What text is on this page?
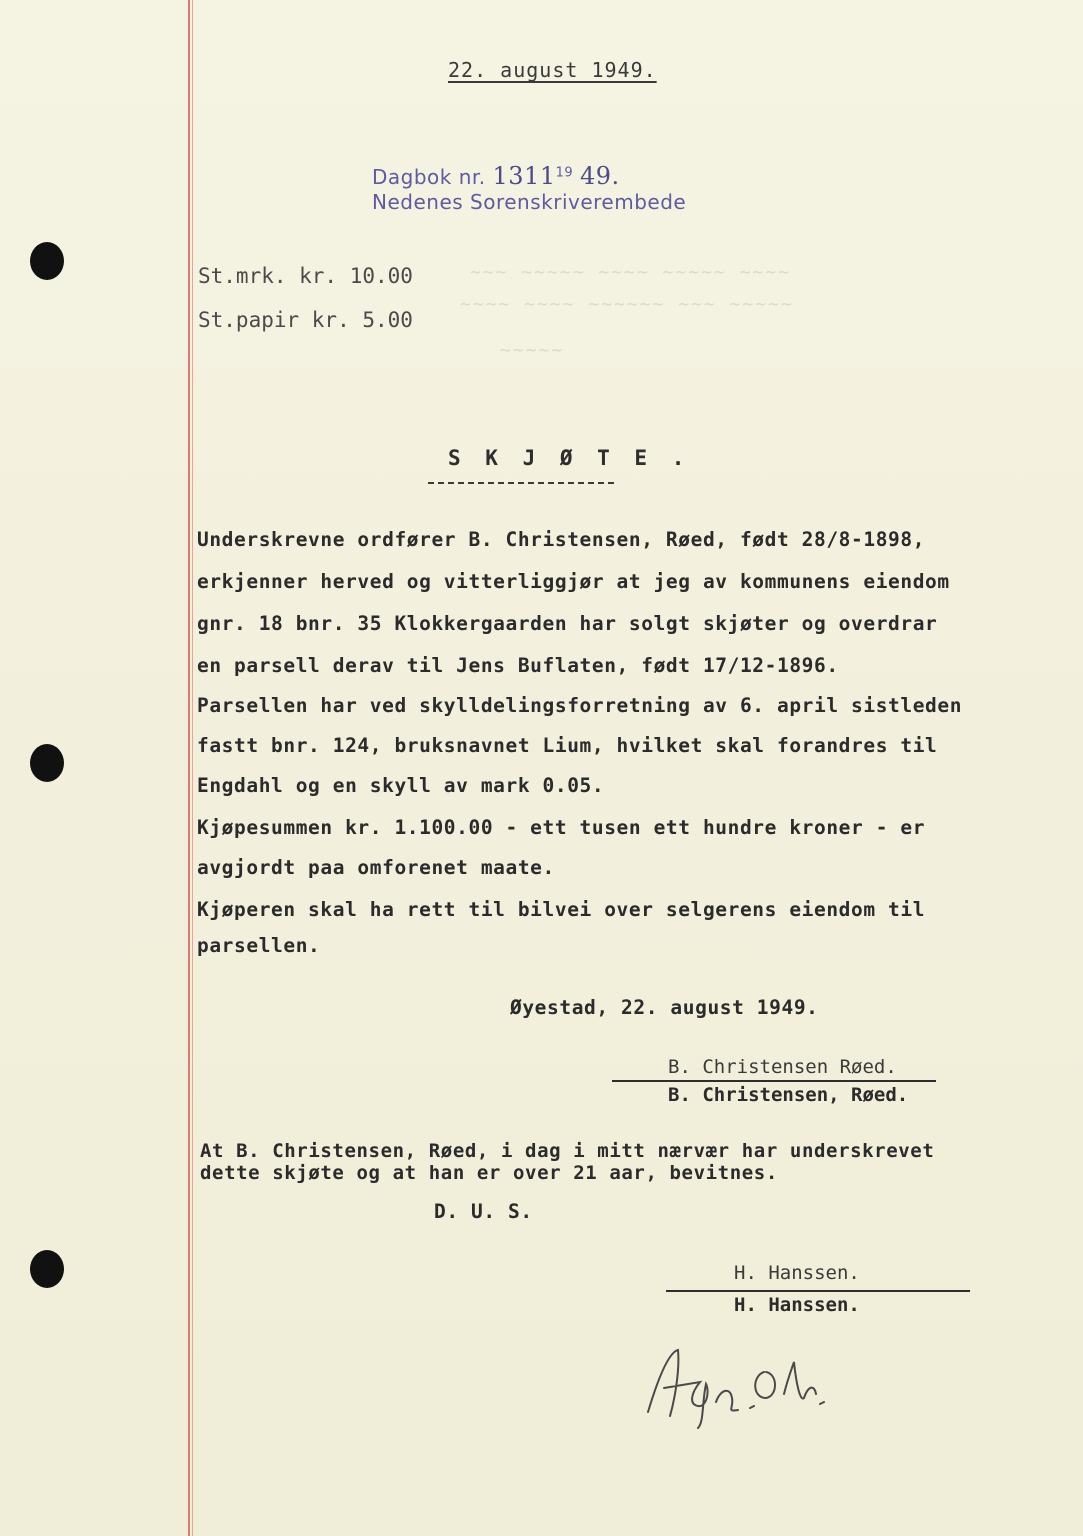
~~~ ~~~~~ ~~~~ ~~~~~ ~~~~
~~~~ ~~~~ ~~~~~~ ~~~ ~~~~~
~~~~~
22. august 1949.
Dagbok nr. 1311$^{19}$ 49.
Nedenes Sorenskriverembede
St.mrk. kr. 10.00
St.papir kr. 5.00
S K J Ø T E .
Underskrevne ordfører B. Christensen, Røed, født 28/8-1898,
erkjenner herved og vitterliggjør at jeg av kommunens eiendom
gnr. 18 bnr. 35 Klokkergaarden har solgt skjøter og overdrar
en parsell derav til Jens Buflaten, født 17/12-1896.
Parsellen har ved skylldelingsforretning av 6. april sistleden
fastt bnr. 124, bruksnavnet Lium, hvilket skal forandres til
Engdahl og en skyll av mark 0.05.
Kjøpesummen kr. 1.100.00 - ett tusen ett hundre kroner - er
avgjordt paa omforenet maate.
Kjøperen skal ha rett til bilvei over selgerens eiendom til
parsellen.
Øyestad, 22. august 1949.
B. Christensen Røed.
B. Christensen, Røed.
At B. Christensen, Røed, i dag i mitt nærvær har underskrevet
dette skjøte og at han er over 21 aar, bevitnes.
D. U. S.
H. Hanssen.
H. Hanssen.
